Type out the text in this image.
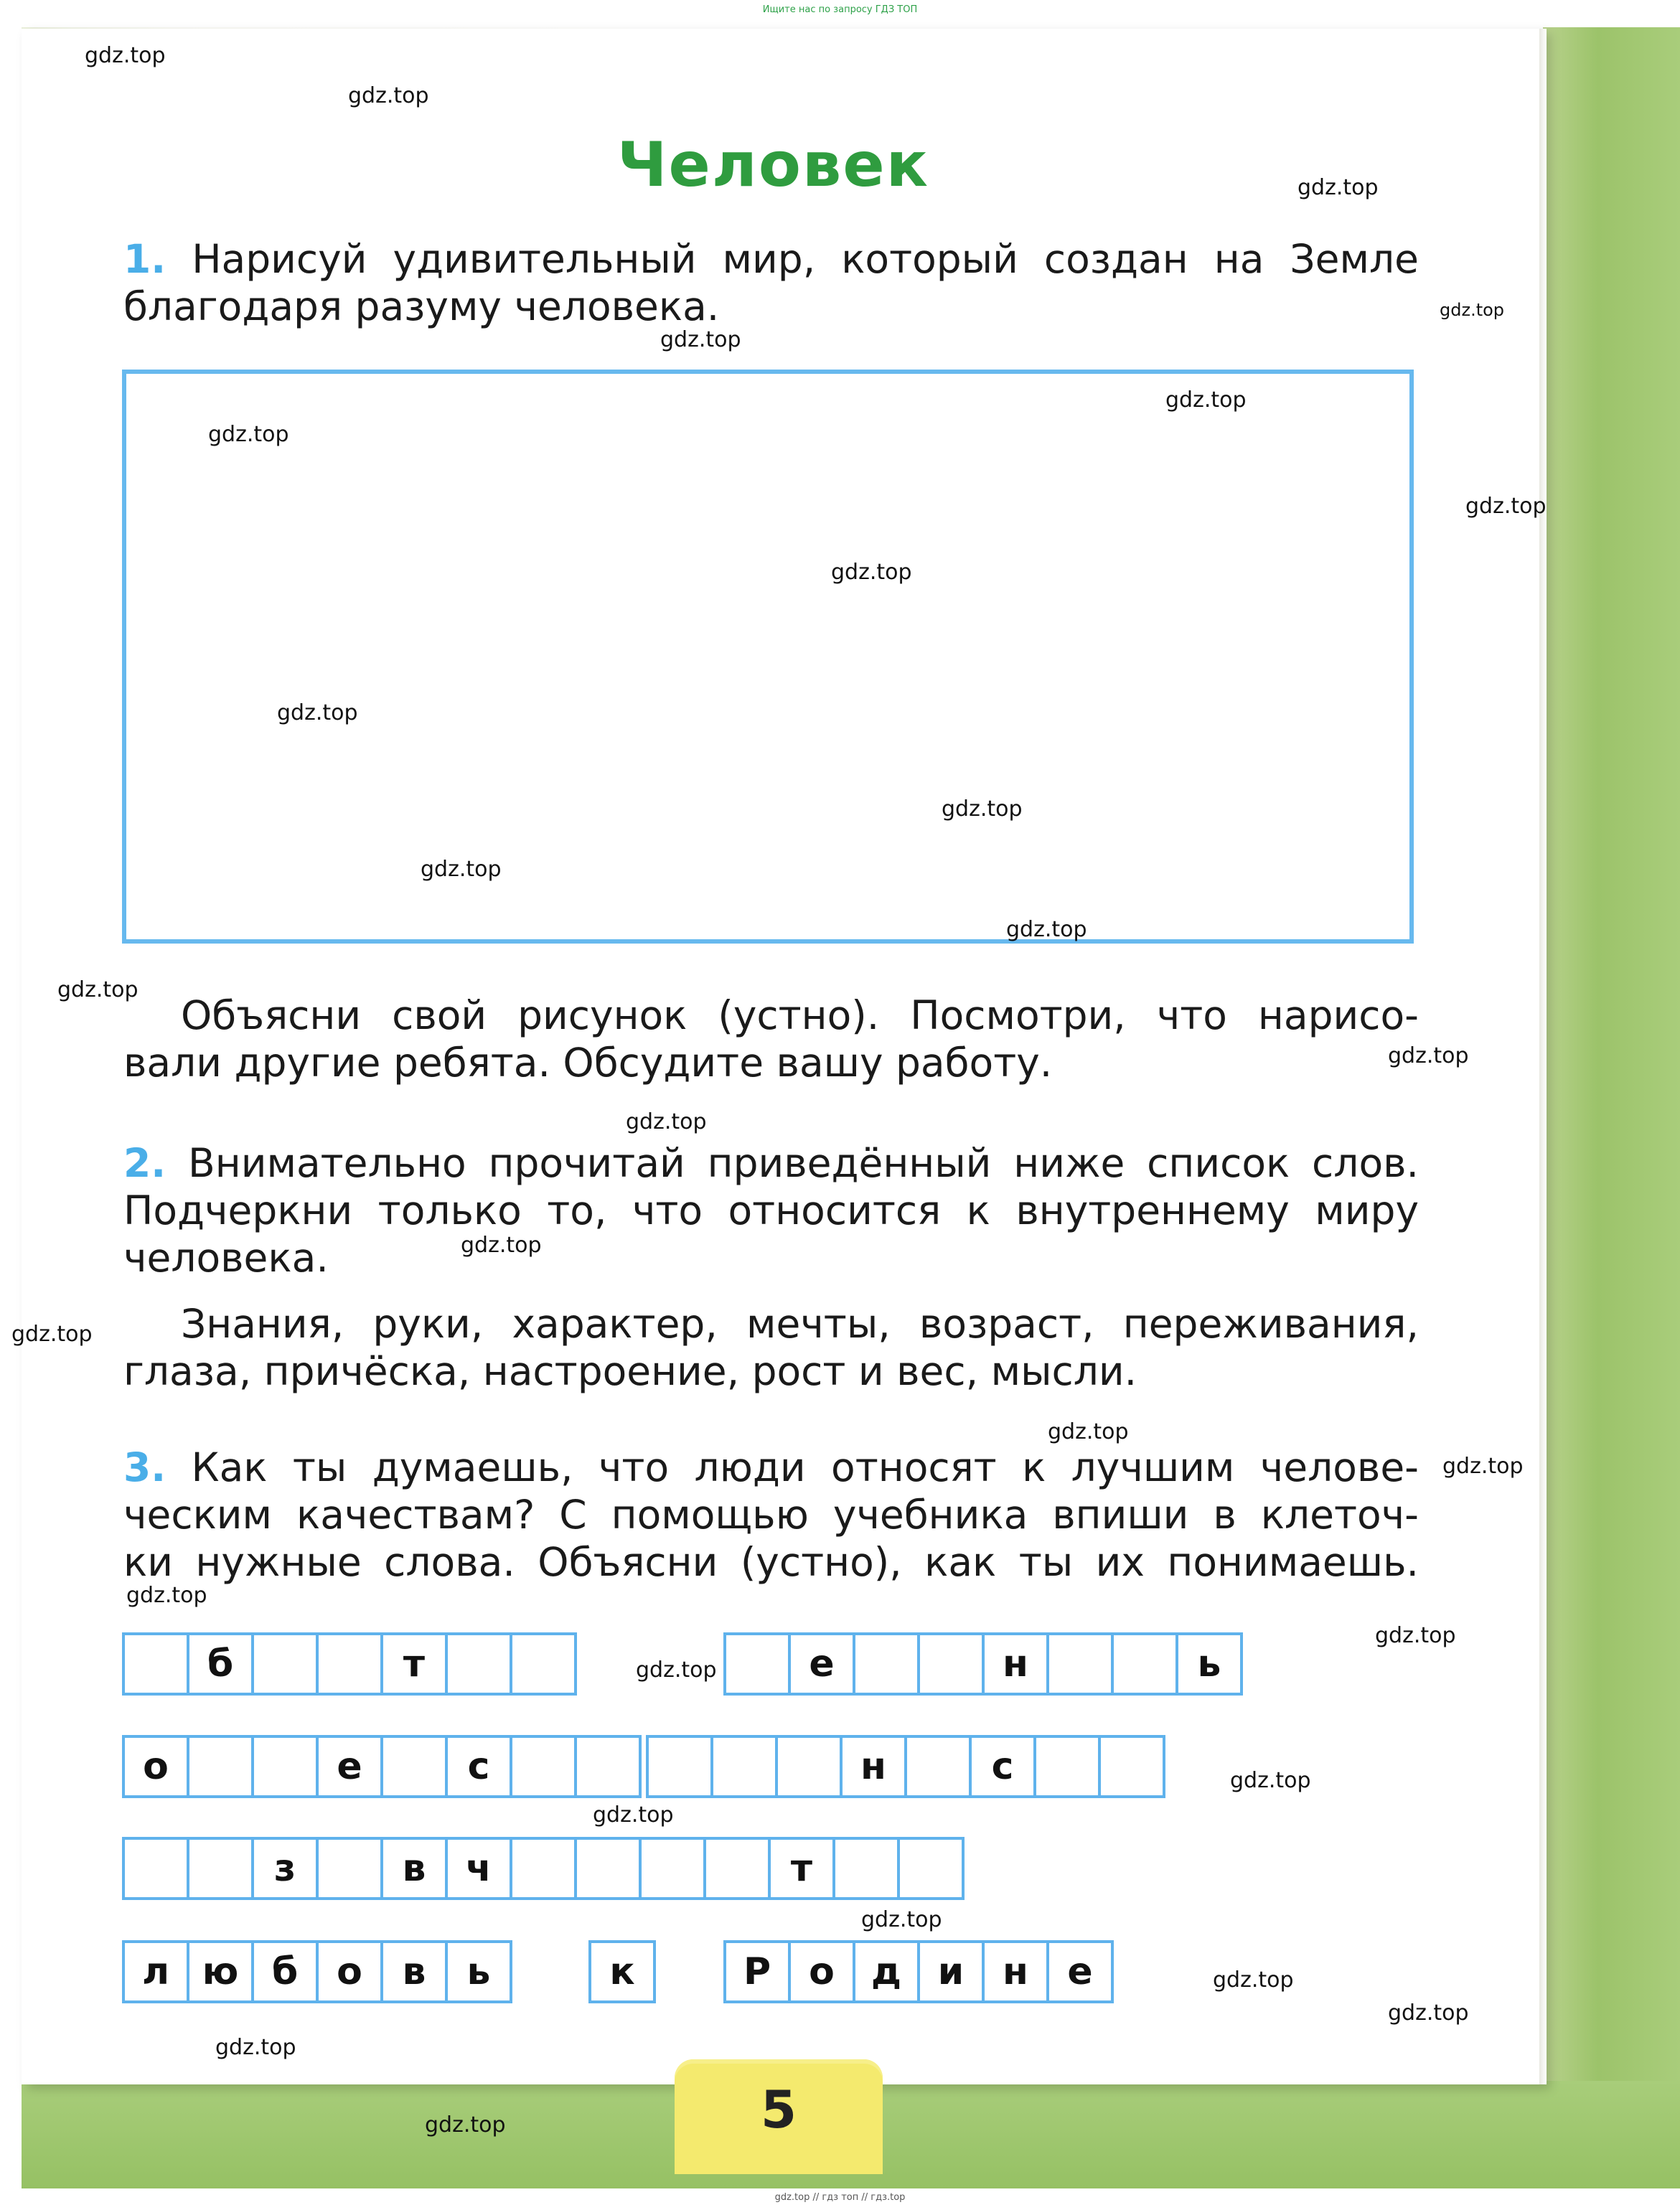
Ищите нас по запросу ГДЗ ТОП
Человек
1. Нарисуй удивительный мир, который создан на Земле
благодаря разуму человека.
Объясни свой рисунок (устно). Посмотри, что нарисо-
вали другие ребята. Обсудите вашу работу.
2. Внимательно прочитай приведённый ниже список слов.
Подчеркни только то, что относится к внутреннему миру
человека.
Знания, руки, характер, мечты, возраст, переживания,
глаза, причёска, настроение, рост и вес, мысли.
3. Как ты думаешь, что люди относят к лучшим челове-
ческим качествам? С помощью учебника впиши в клеточ-
ки нужные слова. Объясни (устно), как ты их понимаешь.
б	т	е	н	ь
о	е	с	н	с
з	в	ч	т
л ю б	о	в	ь	к	Р	о д и	н	е
5
gdz.top
gdz.top
gdz.top
gdz.top
gdz.top
gdz.top
gdz.top
gdz.top
gdz.top
gdz.top
gdz.top
gdz.top
gdz.top
gdz.top
gdz.top
gdz.top
gdz.top
gdz.top
gdz.top
gdz.top
gdz.top
gdz.top
gdz.top
gdz.top
gdz.top
gdz.top
gdz.top
gdz.top
gdz.top
gdz.top
gdz.top // гдз топ // гдз.top
